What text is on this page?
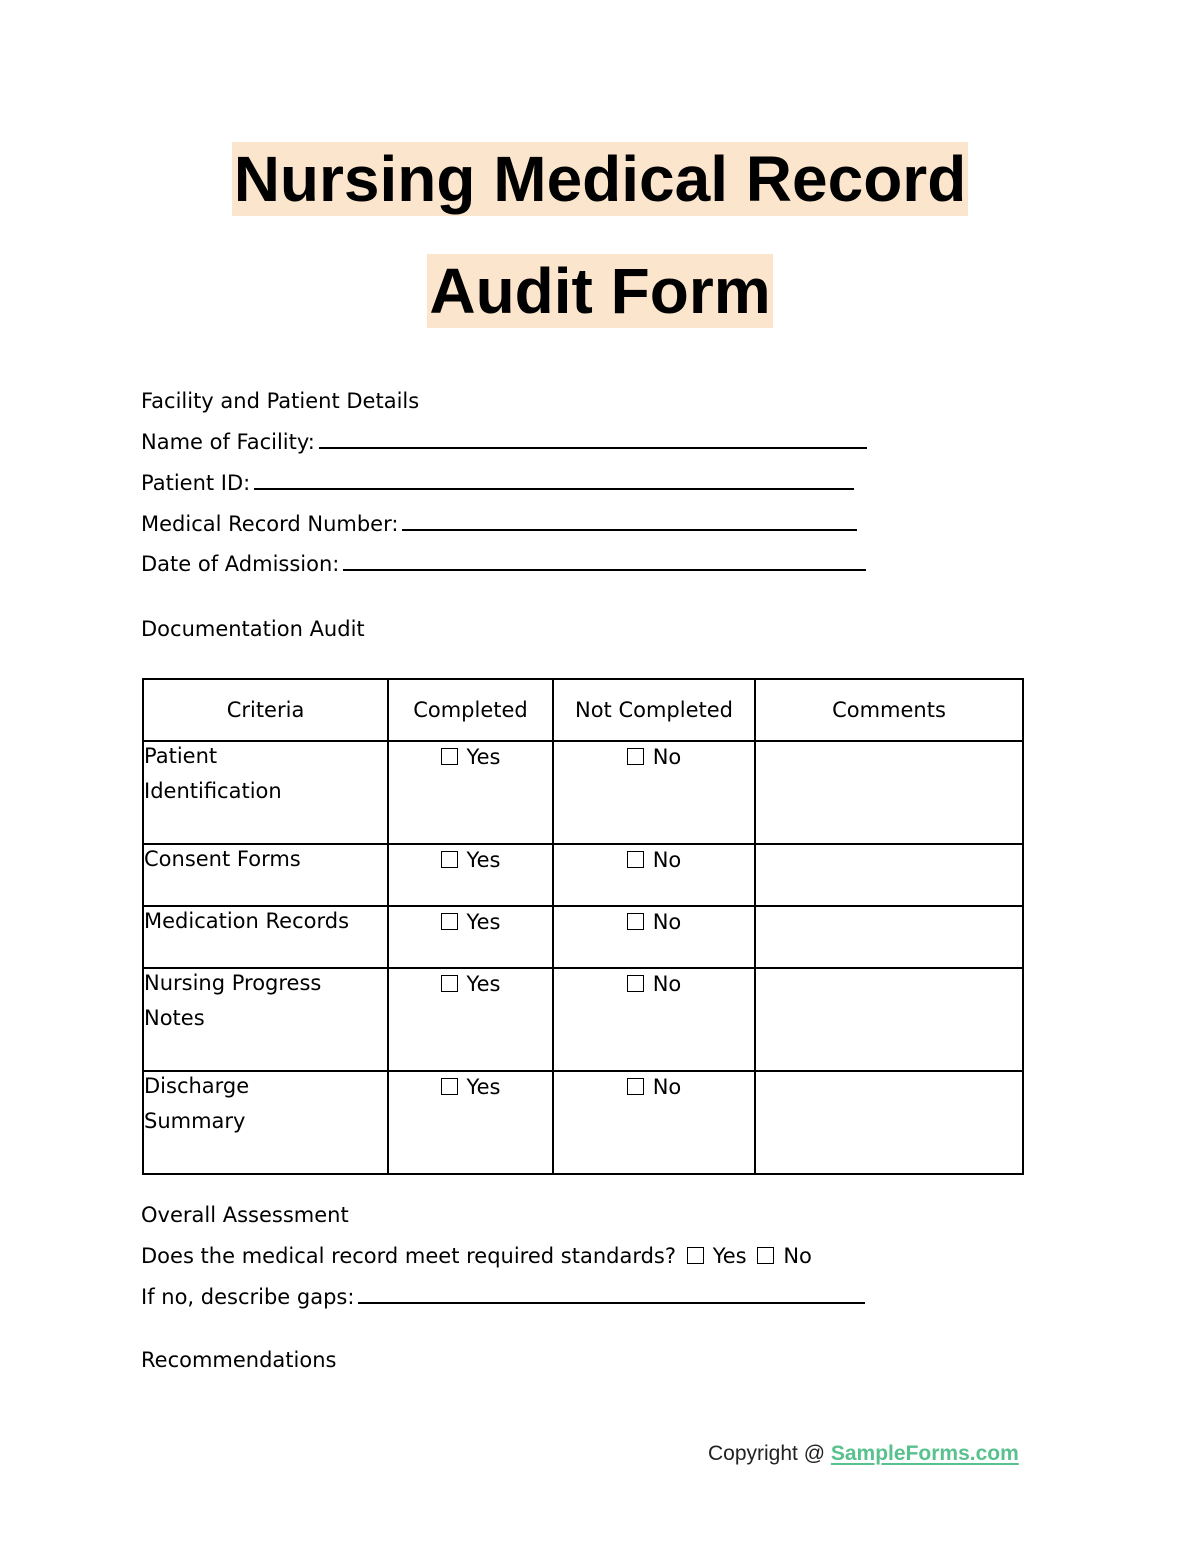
Nursing Medical Record
Audit Form
Facility and Patient Details
Name of Facility:
Patient ID:
Medical Record Number:
Date of Admission:
Documentation Audit
Criteria	Completed	Not Completed	Comments

Patient
Identification	Yes	No	

Consent Forms	Yes	No	

Medication Records	Yes	No	

Nursing Progress
Notes	Yes	No	

Discharge
Summary	Yes	No	
Overall Assessment
Does the medical record meet required standards? Yes No
If no, describe gaps:
Recommendations
Copyright @ SampleForms.com
